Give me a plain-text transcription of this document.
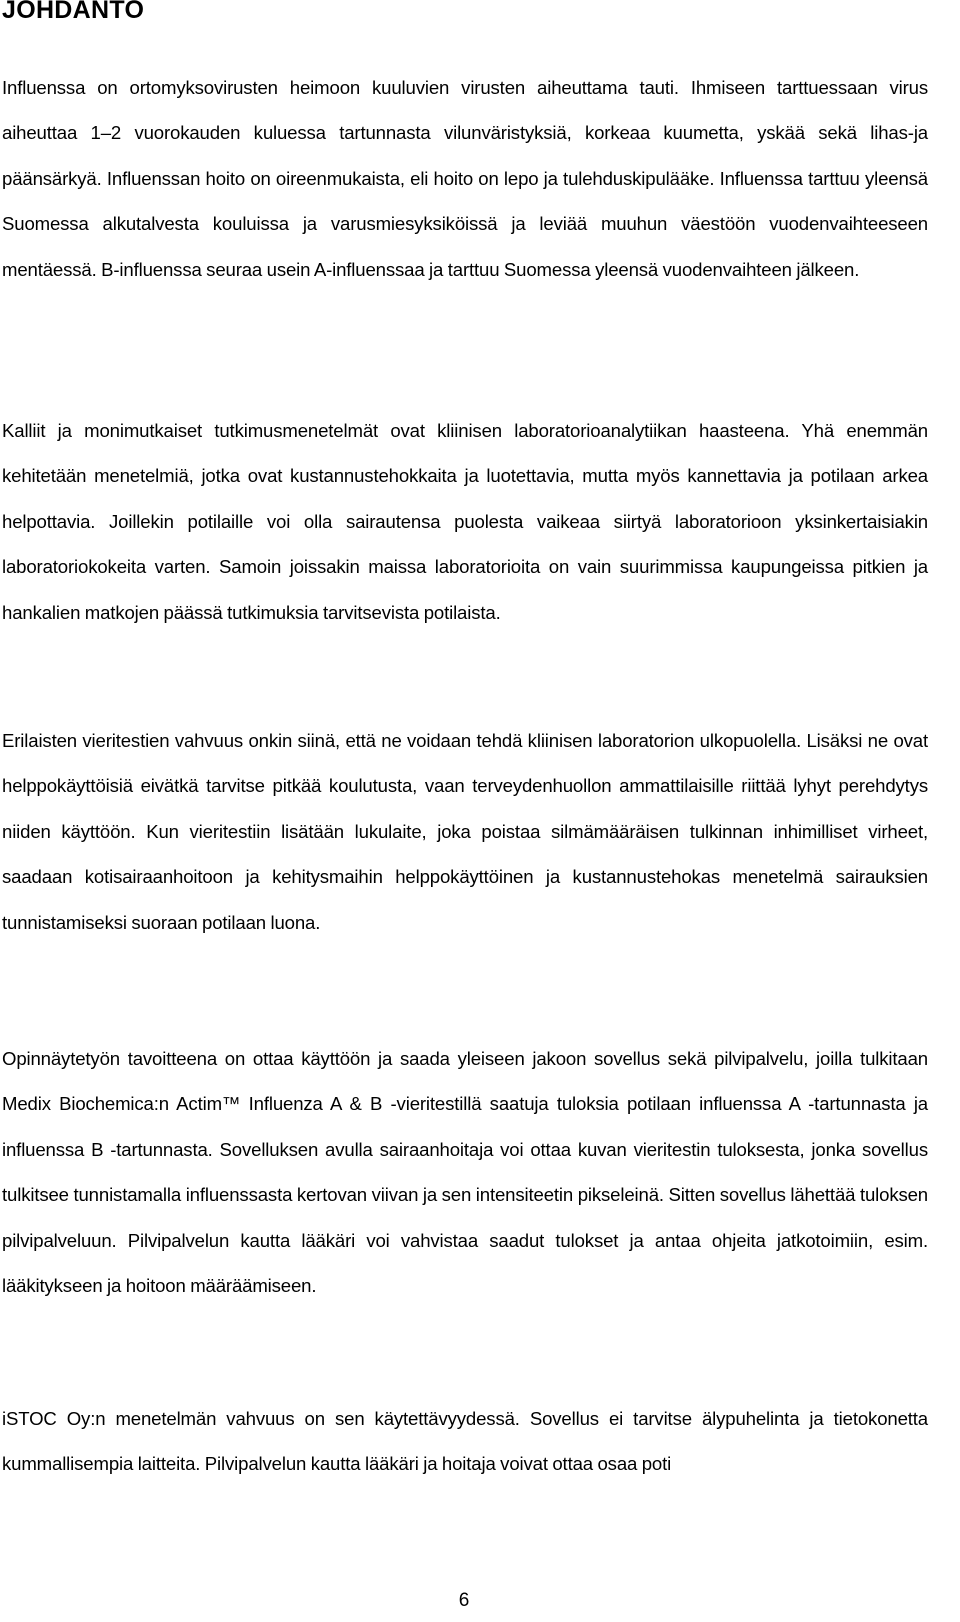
JOHDANTO

Influenssa on ortomyksovirusten heimoon kuuluvien virusten aiheuttama tauti. Ihmiseen tarttuessaan virus aiheuttaa 1–2 vuorokauden kuluessa tartunnasta vilunväristyksiä, korkeaa kuumetta, yskää sekä lihas-ja päänsärkyä. Influenssan hoito on oireenmukaista, eli hoito on lepo ja tulehduskipulääke. Influenssa tarttuu yleensä Suomessa alkutalvesta kouluissa ja varusmiesyksiköissä ja leviää muuhun väestöön vuodenvaihteeseen mentäessä. B-influenssa seuraa usein A-influenssaa ja tarttuu Suomessa yleensä vuodenvaihteen jälkeen.

Kalliit ja monimutkaiset tutkimusmenetelmät ovat kliinisen laboratorioanalytiikan haasteena. Yhä enemmän kehitetään menetelmiä, jotka ovat kustannustehokkaita ja luotettavia, mutta myös kannettavia ja potilaan arkea helpottavia. Joillekin potilaille voi olla sairautensa puolesta vaikeaa siirtyä laboratorioon yksinkertaisiakin laboratoriokokeita varten. Samoin joissakin maissa laboratorioita on vain suurimmissa kaupungeissa pitkien ja hankalien matkojen päässä tutkimuksia tarvitsevista potilaista.

Erilaisten vieritestien vahvuus onkin siinä, että ne voidaan tehdä kliinisen laboratorion ulkopuolella. Lisäksi ne ovat helppokäyttöisiä eivätkä tarvitse pitkää koulutusta, vaan terveydenhuollon ammattilaisille riittää lyhyt perehdytys niiden käyttöön. Kun vieritestiin lisätään lukulaite, joka poistaa silmämääräisen tulkinnan inhimilliset virheet, saadaan kotisairaanhoitoon ja kehitysmaihin helppokäyttöinen ja kustannustehokas menetelmä sairauksien tunnistamiseksi suoraan potilaan luona.

Opinnäytetyön tavoitteena on ottaa käyttöön ja saada yleiseen jakoon sovellus sekä pilvipalvelu, joilla tulkitaan Medix Biochemica:n Actim™ Influenza A & B -vieritestillä saatuja tuloksia potilaan influenssa A -tartunnasta ja influenssa B -tartunnasta. Sovelluksen avulla sairaanhoitaja voi ottaa kuvan vieritestin tuloksesta, jonka sovellus tulkitsee tunnistamalla influenssasta kertovan viivan ja sen intensiteetin pikseleinä. Sitten sovellus lähettää tuloksen pilvipalveluun. Pilvipalvelun kautta lääkäri voi vahvistaa saadut tulokset ja antaa ohjeita jatkotoimiin, esim. lääkitykseen ja hoitoon määräämiseen.

iSTOC Oy:n menetelmän vahvuus on sen käytettävyydessä. Sovellus ei tarvitse älypuhelinta ja tietokonetta kummallisempia laitteita. Pilvipalvelun kautta lääkäri ja hoitaja voivat ottaa osaa poti

6
